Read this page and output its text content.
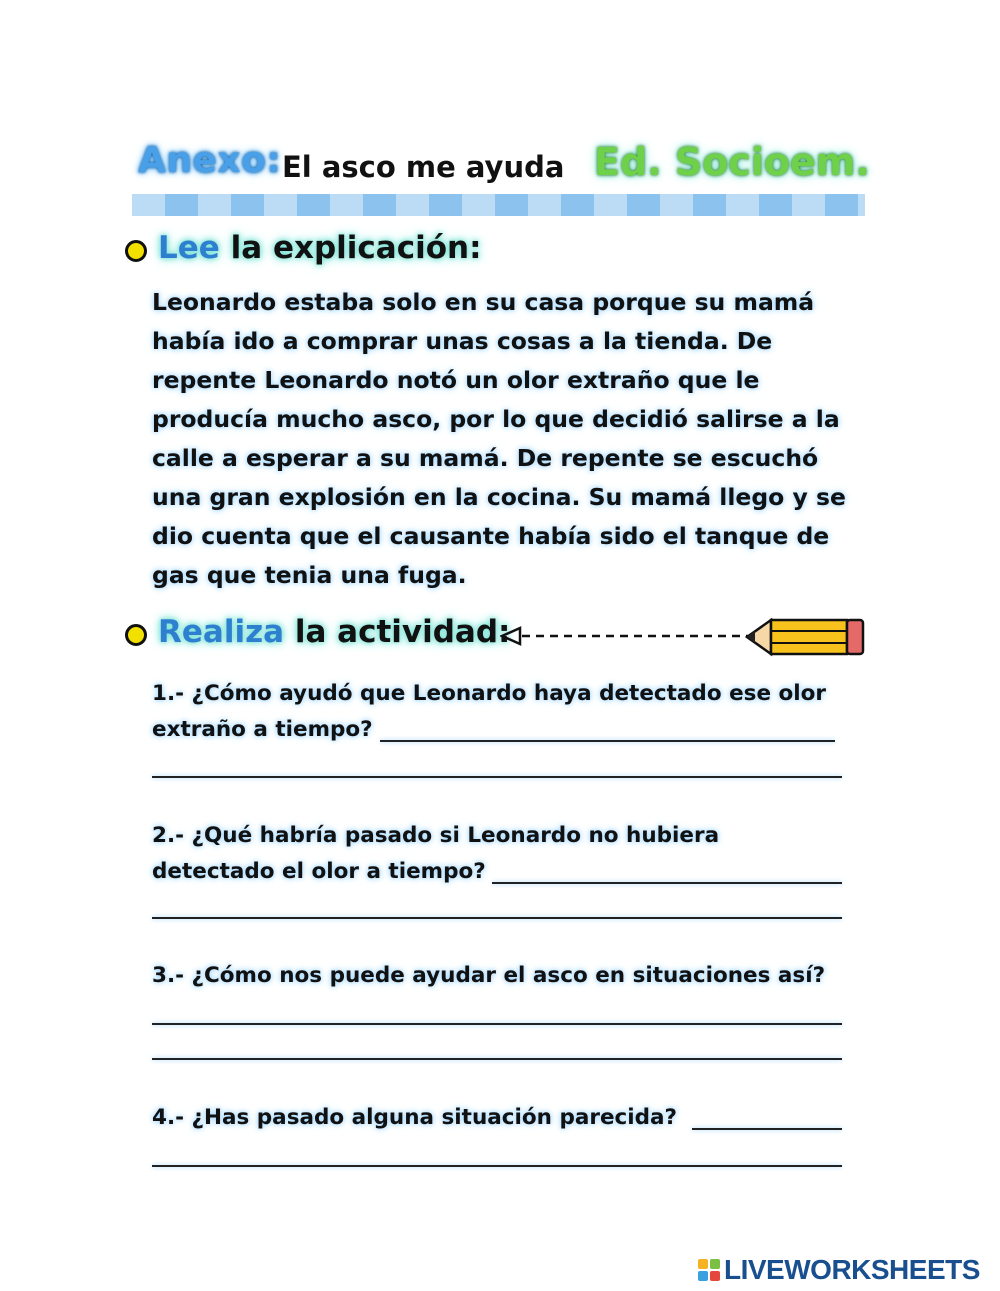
Anexo: El asco me ayuda Ed. Socioem.
Lee la explicación:
Leonardo estaba solo en su casa porque su mamá había ido a comprar unas cosas a la tienda. De repente Leonardo notó un olor extraño que le producía mucho asco, por lo que decidió salirse a la calle a esperar a su mamá. De repente se escuchó una gran explosión en la cocina. Su mamá llego y se dio cuenta que el causante había sido el tanque de gas que tenia una fuga.
Realiza la actividad:
1.- ¿Cómo ayudó que Leonardo haya detectado ese olor extraño a tiempo?
2.- ¿Qué habría pasado si Leonardo no hubiera detectado el olor a tiempo?
3.- ¿Cómo nos puede ayudar el asco en situaciones así?
4.- ¿Has pasado alguna situación parecida?
LIVEWORKSHEETS
